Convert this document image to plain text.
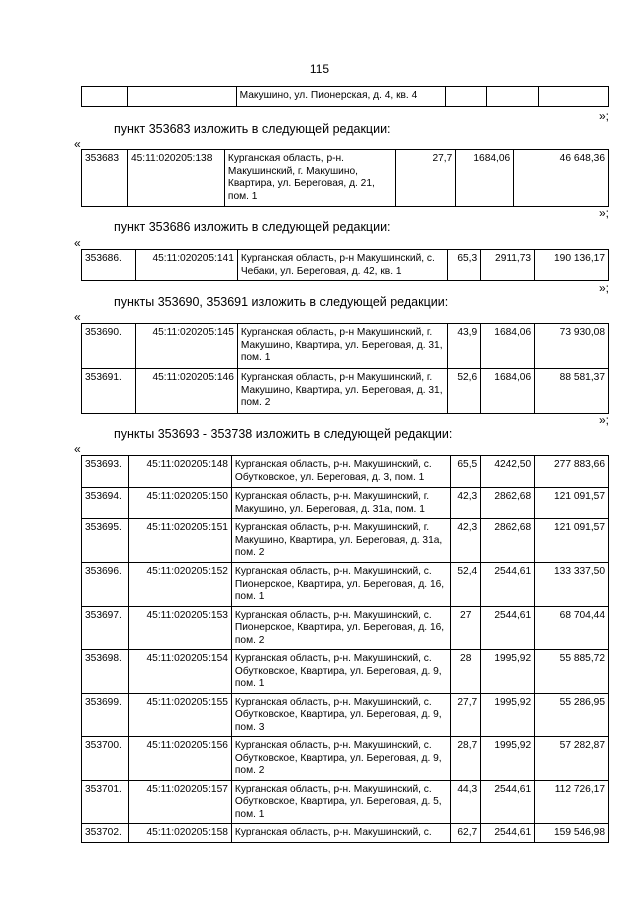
115
		Макушино, ул. Пионерская, д. 4, кв. 4			
»;
пункт 353683 изложить в следующей редакции:
«
353683	45:11:020205:138	Курганская область, р-н. Макушинский, г. Макушино, Квартира, ул. Береговая, д. 21, пом. 1	27,7	1684,06	46 648,36
»;
пункт 353686 изложить в следующей редакции:
«
353686.	45:11:020205:141	Курганская область, р-н Макушинский, с. Чебаки, ул. Береговая, д. 42, кв. 1	65,3	2911,73	190 136,17
»;
пункты 353690, 353691 изложить в следующей редакции:
«
353690.	45:11:020205:145	Курганская область, р-н Макушинский, г. Макушино, Квартира, ул. Береговая, д. 31, пом. 1	43,9	1684,06	73 930,08
353691.	45:11:020205:146	Курганская область, р-н Макушинский, г. Макушино, Квартира, ул. Береговая, д. 31, пом. 2	52,6	1684,06	88 581,37
»;
пункты 353693 - 353738 изложить в следующей редакции:
«
353693.	45:11:020205:148	Курганская область, р-н. Макушинский, с. Обутковское, ул. Береговая, д. 3, пом. 1	65,5	4242,50	277 883,66
353694.	45:11:020205:150	Курганская область, р-н. Макушинский, г. Макушино, ул. Береговая, д. 31а, пом. 1	42,3	2862,68	121 091,57
353695.	45:11:020205:151	Курганская область, р-н. Макушинский, г. Макушино, Квартира, ул. Береговая, д. 31а, пом. 2	42,3	2862,68	121 091,57
353696.	45:11:020205:152	Курганская область, р-н. Макушинский, с. Пионерское, Квартира, ул. Береговая, д. 16, пом. 1	52,4	2544,61	133 337,50
353697.	45:11:020205:153	Курганская область, р-н. Макушинский, с. Пионерское, Квартира, ул. Береговая, д. 16, пом. 2	27	2544,61	68 704,44
353698.	45:11:020205:154	Курганская область, р-н. Макушинский, с. Обутковское, Квартира, ул. Береговая, д. 9, пом. 1	28	1995,92	55 885,72
353699.	45:11:020205:155	Курганская область, р-н. Макушинский, с. Обутковское, Квартира, ул. Береговая, д. 9, пом. 3	27,7	1995,92	55 286,95
353700.	45:11:020205:156	Курганская область, р-н. Макушинский, с. Обутковское, Квартира, ул. Береговая, д. 9, пом. 2	28,7	1995,92	57 282,87
353701.	45:11:020205:157	Курганская область, р-н. Макушинский, с. Обутковское, Квартира, ул. Береговая, д. 5, пом. 1	44,3	2544,61	112 726,17
353702.	45:11:020205:158	Курганская область, р-н. Макушинский, с.	62,7	2544,61	159 546,98
